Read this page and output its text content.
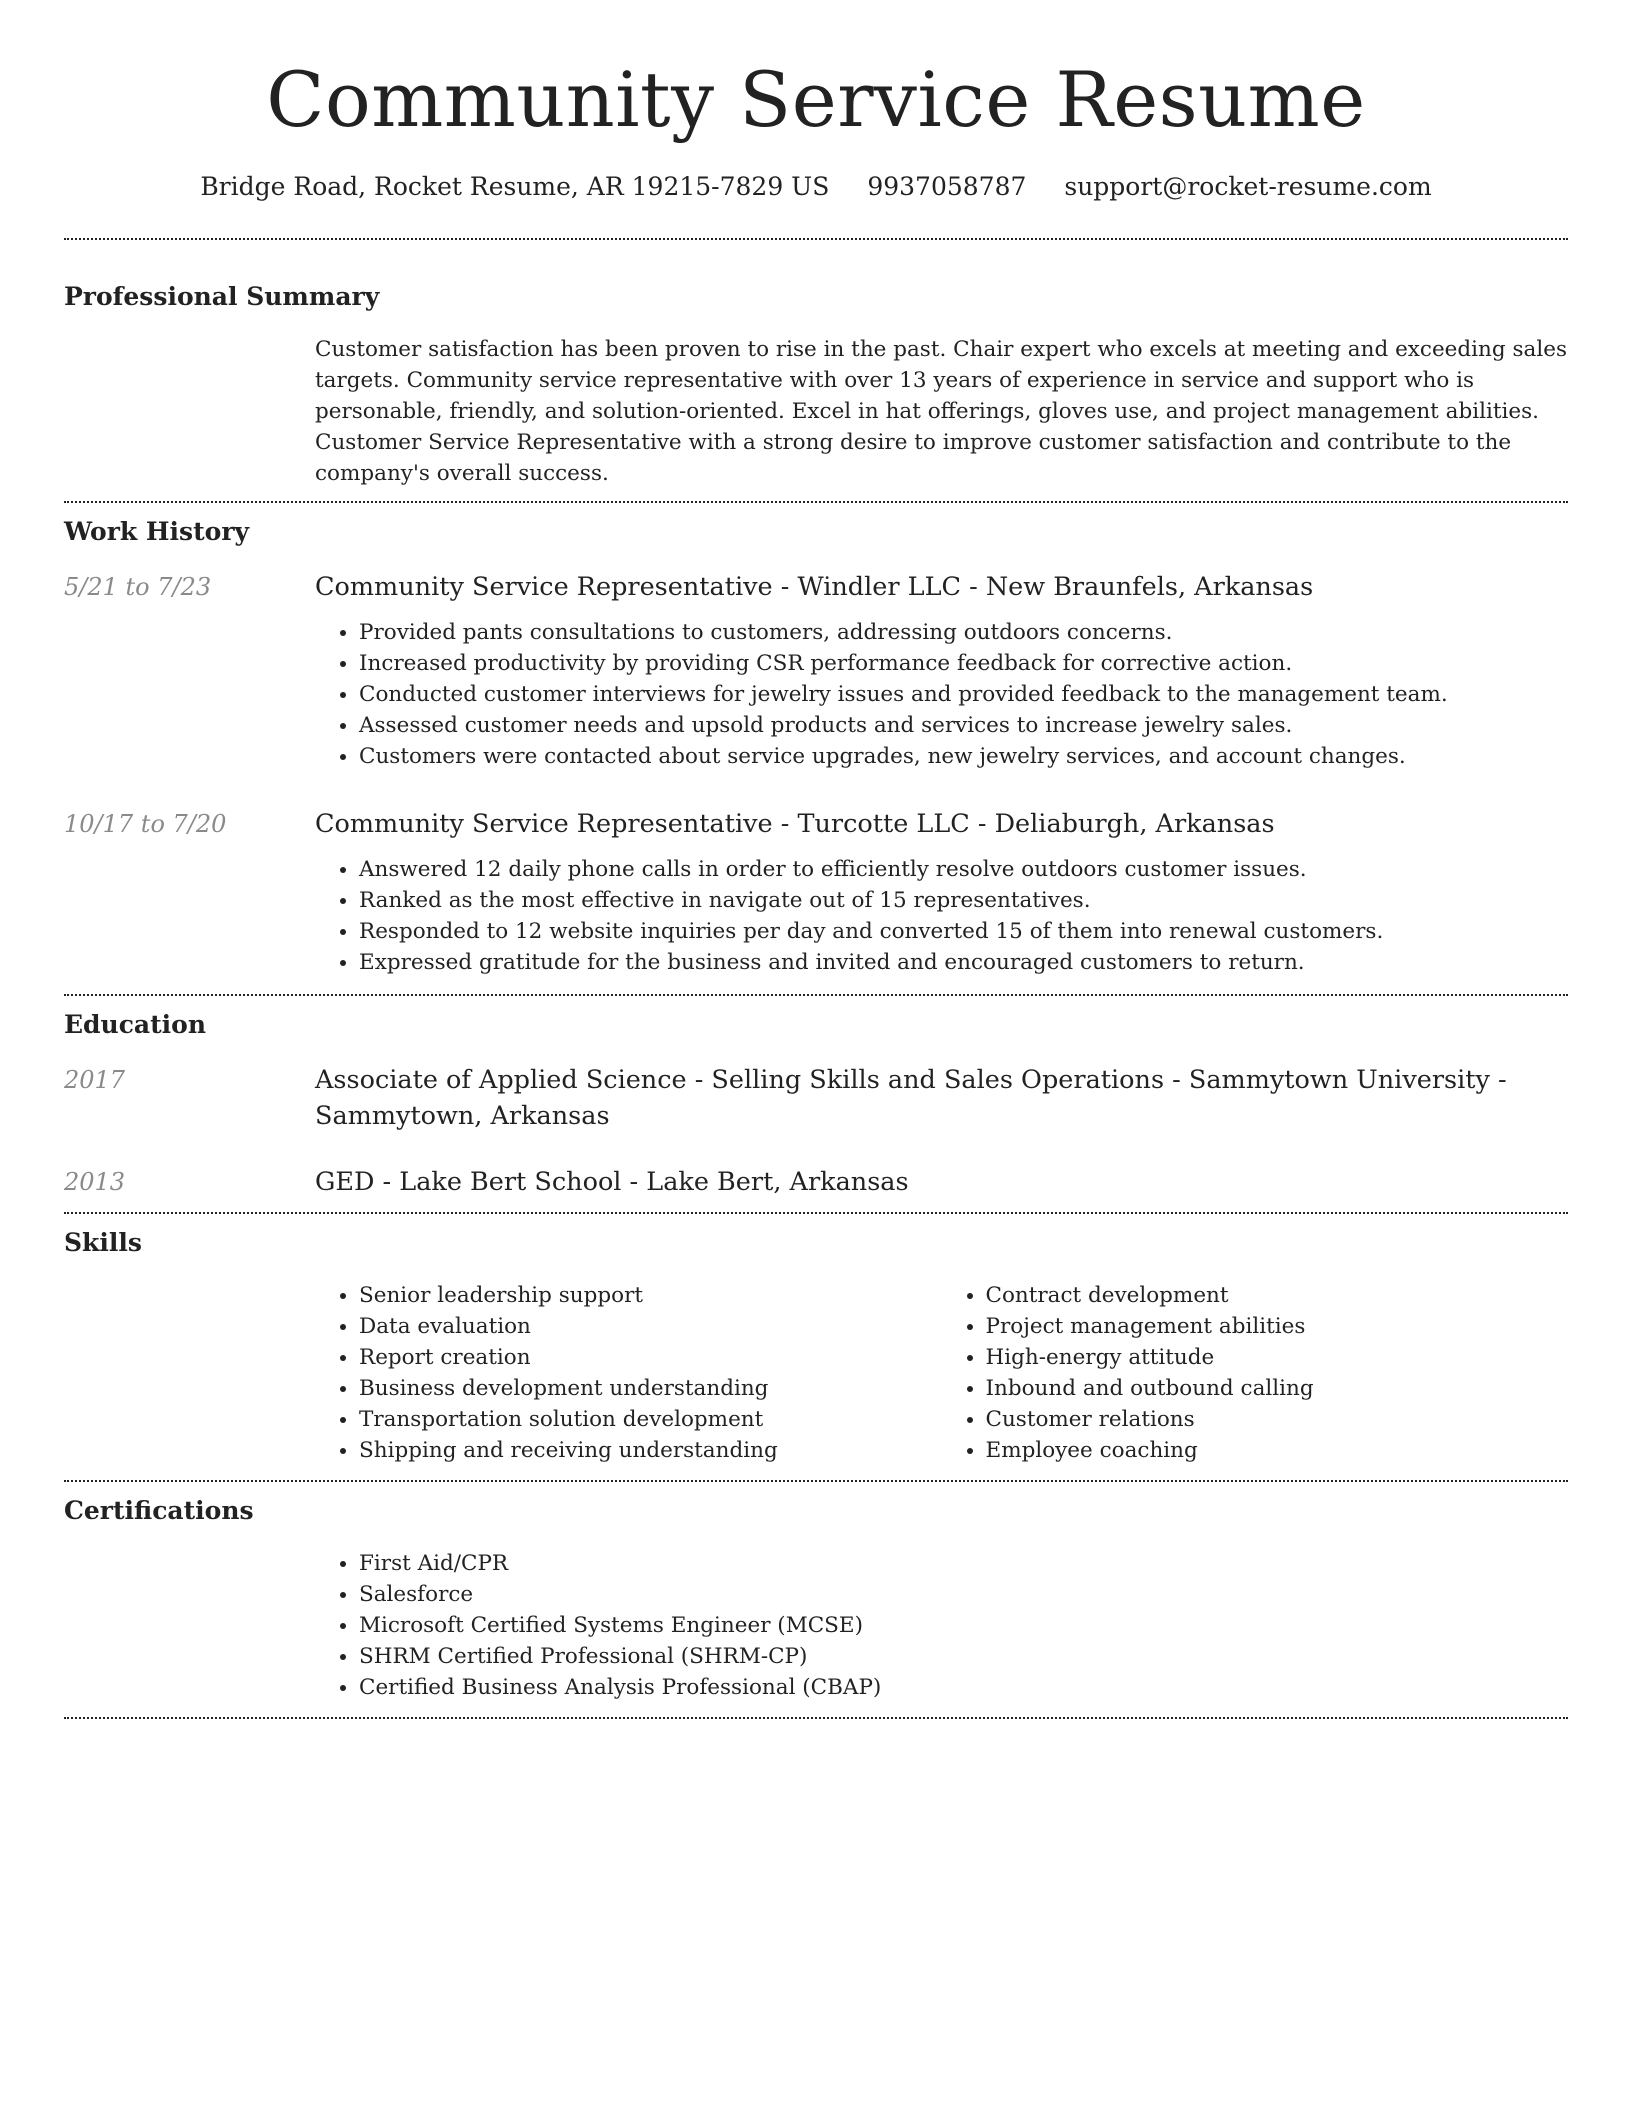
Community Service Resume
Bridge Road, Rocket Resume, AR 19215-7829 US 9937058787 support@rocket-resume.com
Professional Summary

Customer satisfaction has been proven to rise in the past. Chair expert who excels at meeting and exceeding sales targets. Community service representative with over 13 years of experience in service and support who is personable, friendly, and solution-oriented. Excel in hat offerings, gloves use, and project management abilities. Customer Service Representative with a strong desire to improve customer satisfaction and contribute to the company's overall success.

Work History
5/21 to 7/23	Community Service Representative - Windler LLC - New Braunfels, Arkansas

• Provided pants consultations to customers, addressing outdoors concerns.
• Increased productivity by providing CSR performance feedback for corrective action.
• Conducted customer interviews for jewelry issues and provided feedback to the management team.
• Assessed customer needs and upsold products and services to increase jewelry sales.
• Customers were contacted about service upgrades, new jewelry services, and account changes.
10/17 to 7/20	Community Service Representative - Turcotte LLC - Deliaburgh, Arkansas

• Answered 12 daily phone calls in order to efficiently resolve outdoors customer issues.
• Ranked as the most effective in navigate out of 15 representatives.
• Responded to 12 website inquiries per day and converted 15 of them into renewal customers.
• Expressed gratitude for the business and invited and encouraged customers to return.
Education
2017	Associate of Applied Science - Selling Skills and Sales Operations - Sammytown University - Sammytown, Arkansas

2013	GED - Lake Bert School - Lake Bert, Arkansas

Skills
• Senior leadership support
• Data evaluation
• Report creation
• Business development understanding
• Transportation solution development
• Shipping and receiving understanding
• Contract development
• Project management abilities
• High-energy attitude
• Inbound and outbound calling
• Customer relations
• Employee coaching
Certifications
• First Aid/CPR
• Salesforce
• Microsoft Certified Systems Engineer (MCSE)
• SHRM Certified Professional (SHRM-CP)
• Certified Business Analysis Professional (CBAP)
